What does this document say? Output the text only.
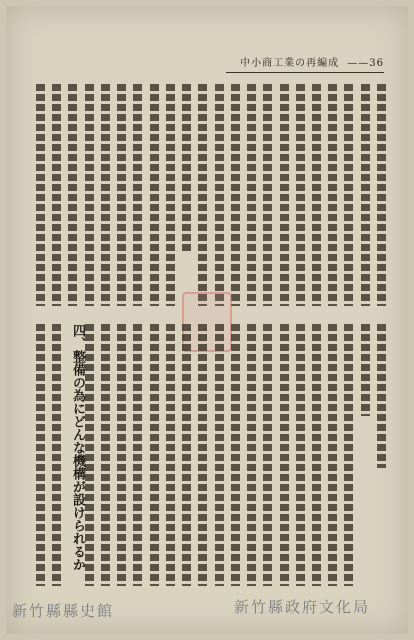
中小商工業の再編成 ——36
四、整備の為にどんな機構が設けられるか
新竹縣政府文化局
新竹縣縣史館
